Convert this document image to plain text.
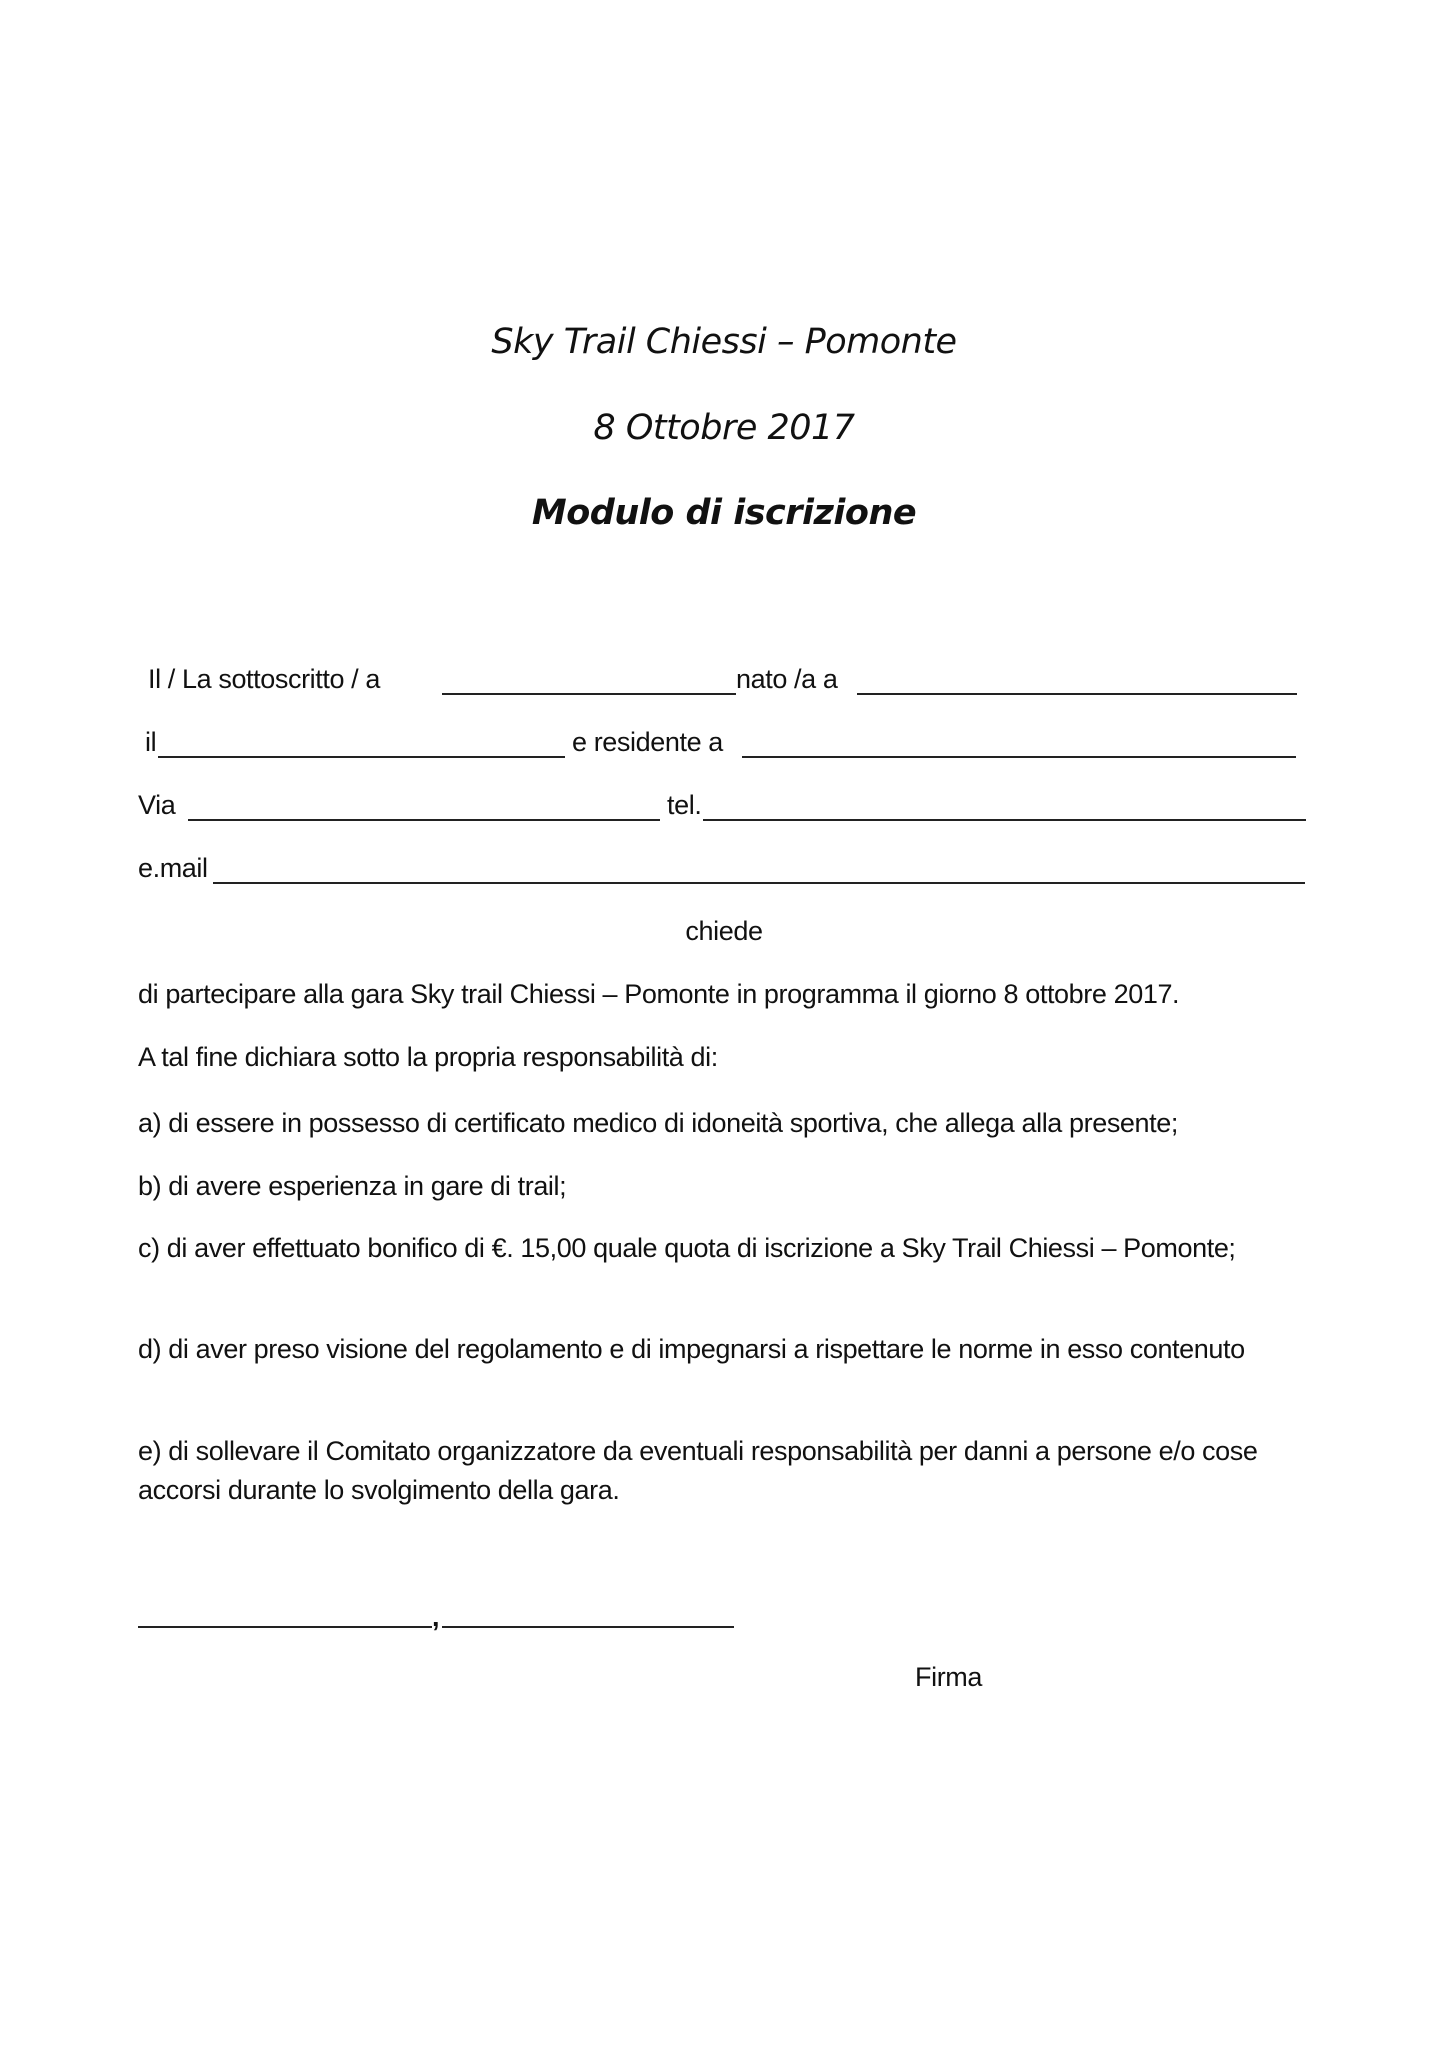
Sky Trail Chiessi – Pomonte
8 Ottobre 2017
Modulo di iscrizione
Il / La sottoscritto / a	nato /a a
il	e residente a
Via	tel.
e.mail
chiede
di partecipare alla gara Sky trail Chiessi – Pomonte in programma il giorno 8 ottobre 2017.
A tal fine dichiara sotto la propria responsabilità di:
a) di essere in possesso di certificato medico di idoneità sportiva, che allega alla presente;
b) di avere esperienza in gare di trail;
c) di aver effettuato bonifico di €. 15,00 quale quota di iscrizione a Sky Trail Chiessi – Pomonte;
d) di aver preso visione del regolamento e di impegnarsi a rispettare le norme in esso contenuto
e) di sollevare il Comitato organizzatore da eventuali responsabilità per danni a persone e/o cose accorsi durante lo svolgimento della gara.
,
Firma
